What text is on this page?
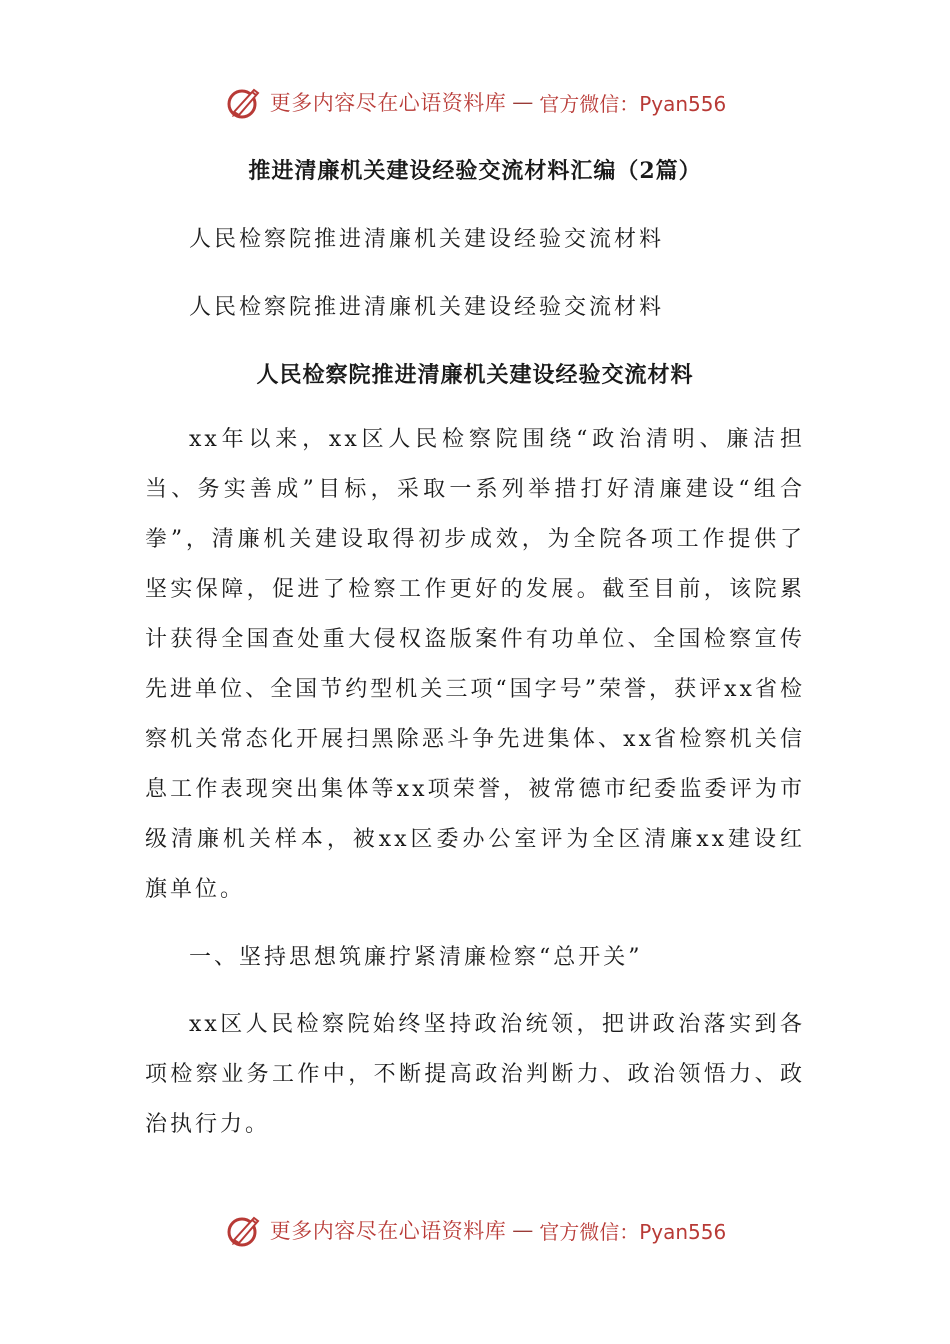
更多内容尽在心语资料库 — 官方微信：Pyan556
推进清廉机关建设经验交流材料汇编（2篇）
人民检察院推进清廉机关建设经验交流材料
人民检察院推进清廉机关建设经验交流材料
人民检察院推进清廉机关建设经验交流材料

xx年以来，xx区人民检察院围绕“政治清明、廉洁担当、务实善成”目标，采取一系列举措打好清廉建设“组合拳”，清廉机关建设取得初步成效，为全院各项工作提供了坚实保障，促进了检察工作更好的发展。截至目前，该院累计获得全国查处重大侵权盗版案件有功单位、全国检察宣传先进单位、全国节约型机关三项“国字号”荣誉，获评xx省检察机关常态化开展扫黑除恶斗争先进集体、xx省检察机关信息工作表现突出集体等xx项荣誉，被常德市纪委监委评为市级清廉机关样本，被xx区委办公室评为全区清廉xx建设红旗单位。

一、坚持思想筑廉拧紧清廉检察“总开关”

xx区人民检察院始终坚持政治统领，把讲政治落实到各项检察业务工作中，不断提高政治判断力、政治领悟力、政治执行力。

更多内容尽在心语资料库 — 官方微信：Pyan556
